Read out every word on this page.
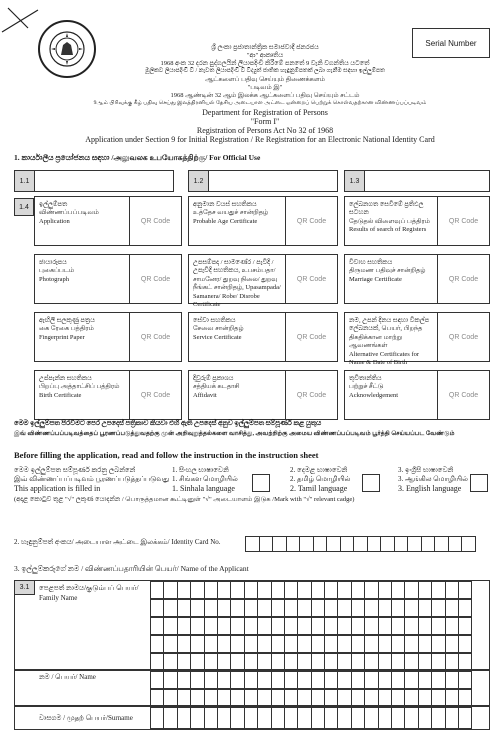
ශ්‍රී ලංකා ප්‍රජාතාන්ත්‍රික සමාජවාදී ජනරජය
"ආ" ආකෘතිය
1968 අංක 32 දරන පුද්ගලයින් ලියාපදිංචි කිරීමේ පනතේ 9 වැනි වගන්තිය යටතේ
මූලිකව ලියාපදිංචි වී / නැවත ලියාපදිංචි වී විද්‍යුත් ජාතික හැඳුනුම්පතක් ලබා ගැනීම සඳහා ඉල්ලුම්පත
ஆட்களைப் பதிவு செய்யும் திணைக்களம்
"படிவம் இ"
1968 ஆண்டின் 32 ஆம் இலக்க ஆட்களைப் பதிவு செய்யும் சட்டம்
9ஆம் பிரிவுக்கு கீழ் பதிவு செய்து இலத்திரனியல் தேசிய அடையாள அட்டை ஒன்றைப் பெற்றுக் கொள்வதற்கான விண்ணப்பப்படிவம்
Department for Registration of Persons
"Form I"
Registration of Persons Act No 32 of 1968
Application under Section 9 for Initial Registration / Re Registration for an Electronic National Identity Card
Serial Number
1. කාර්යාලීය ප්‍රයෝජනය සඳහා /அலுவலக உபயோகத்திற்கு/ For Official Use
1.1	1.2	1.3
1.4	ඉල්ලුම්පත
விண்ணப்பப்படிவம்
Application	QR Code
අනුමාන වයස් සහතිකය
உத்தேச வயதுச் சான்றிதழ்
Probable Age Certificate	QR Code
ලේඛනගත සෙවීමේ ප්‍රතිඵල සටහන
தேடுதல் விளைவுப் பத்திரம்
Results of search of Registers
QR Code
ඡායාරූපය
புகைப்படம்
Photograph	QR Code
උපසම්පදා / සාමණේර / පැවිදි / උපැවිදි සහතිකය, உபசம்பதா/ சாமனேர/ துறவு நிலை/ துறவு நீங்கட் சான்றிதழ், Upasampada/ Samanera/ Robe/ Disrobe Certificate
QR Code
විවාහ සහතිකය
திருமண பதிவுச் சான்றிதழ்
Marriage Certificate	QR Code
ඇඟිලි සලකුණු පත්‍රය
கை ரேகை பத்திரம்
Fingerprint Paper	QR Code
සේවා සහතිකය
சேவை சான்றிதழ்
Service Certificate	QR Code
නම, උපන් දිනය සඳහා විකල්ප ලේඛනයක්, பெயர், பிறந்த திகதிக்கான மாற்று ஆவணங்கள்
Alternative Certificates for
Name & Date of Birth
QR Code
උප්පැන්න සහතිකය
பிறப்பு அத்தாட்சிப் பத்திரம்
Birth Certificate	QR Code
දිවුරුම් ප්‍රකාශය
சத்தியக் கடதாசி
Affidavit	QR Code
තුවිතාන්තිය
பற்றுச் சீட்டு
Acknowledgement	QR Code
මෙම ඉල්ලුම්පත පිරවීමට පෙර උපදෙස් පත්‍රිකාව කියවා එහි ඇති උපදෙස් අනුව ඉල්ලුම්පත සම්පූර්ණ කළ යුතුය
இவ் விண்ணப்பப்படிவத்தைப் பூரணப்படுத்துவதற்கு முன் அறிவுறுத்தல்களை வாசித்து, அவற்றிற்கு அமைய விண்ணப்பப்படிவம் பூர்த்தி செய்யப்பட வேண்டும்
Before filling the application, read and follow the instruction in the instruction sheet
මෙම ඉල්ලුම්පත සම්පූර්ණ කරනු ලබන්නේ
இவ் விண்ணப்பப்படிவம் பூரணப்படுத்தப்படுவது
This application is filled in
(අදාළ කොටුව තුළ "√" ලකුණ යොදන්න / பொருத்தமான கூட்டினுள் "√" அடையாளம் இடுக /Mark with "√" relevant cadge)
1. සිංහල භාෂාවෙනි
1. சிங்கள மொழியில்
1. Sinhala language
2. දෙමළ භාෂාවෙනි
2. தமிழ் மொழியில்
2. Tamil language
3. ඉංග්‍රීසි භාෂාවෙනි
3. ஆங்கில மொழியில்
3. English language
2. හැඳුනුම්පත් අංකය/ அடையாள அட்டை இலக்கம்/ Identity Card No.
3. ඉල්ලුම්කරුගේ නම / விண்ணப்பதாரியின் பெயர்/ Name of the Applicant
3.1	පෙළපත් නාමය/குடும்பப் பெயர்/
Family Name
නම / பெயர்/ Name
වාසගම / முதற் பெயர்/Surname
